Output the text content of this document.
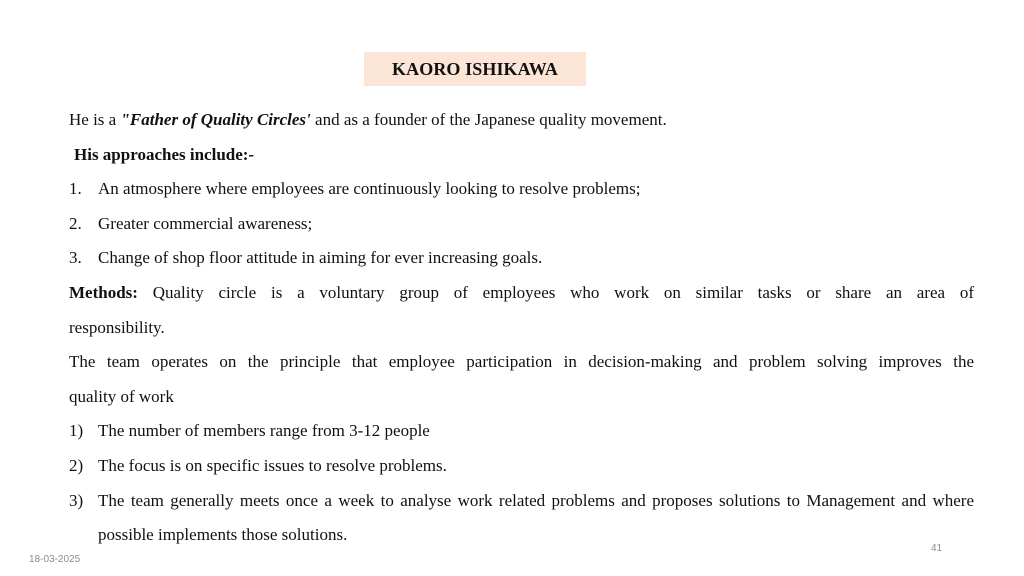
KAORO ISHIKAWA

He is a "Father of Quality Circles' and as a founder of the Japanese quality movement.

His approaches include:-

1. An atmosphere where employees are continuously looking to resolve problems;
2. Greater commercial awareness;
3. Change of shop floor attitude in aiming for ever increasing goals.
Methods: Quality circle is a voluntary group of employees who work on similar tasks or share an area of
responsibility.
The team operates on the principle that employee participation in decision-making and problem solving improves the
quality of work
1) The number of members range from 3-12 people
2) The focus is on specific issues to resolve problems.
3) The team generally meets once a week to analyse work related problems and proposes solutions to Management and where possible implements those solutions.
18-03-2025
41
